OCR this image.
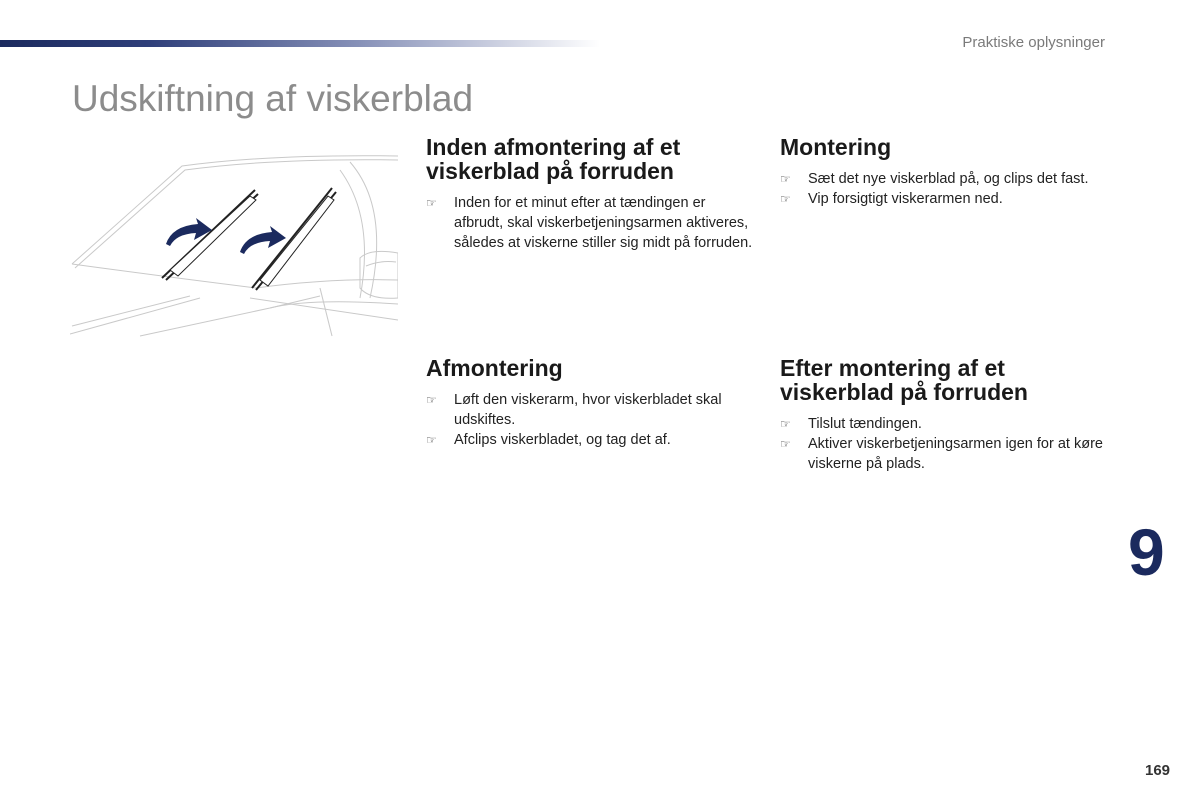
Praktiske oplysninger
Udskiftning af viskerblad
Inden afmontering af et viskerblad på forruden
☞ Inden for et minut efter at tændingen er afbrudt, skal viskerbetjeningsarmen aktiveres, således at viskerne stiller sig midt på forruden.
Montering
☞ Sæt det nye viskerblad på, og clips det fast.
☞ Vip forsigtigt viskerarmen ned.
Afmontering
☞ Løft den viskerarm, hvor viskerbladet skal udskiftes.
☞ Afclips viskerbladet, og tag det af.
Efter montering af et viskerblad på forruden
☞ Tilslut tændingen.
☞ Aktiver viskerbetjeningsarmen igen for at køre viskerne på plads.
9
169
